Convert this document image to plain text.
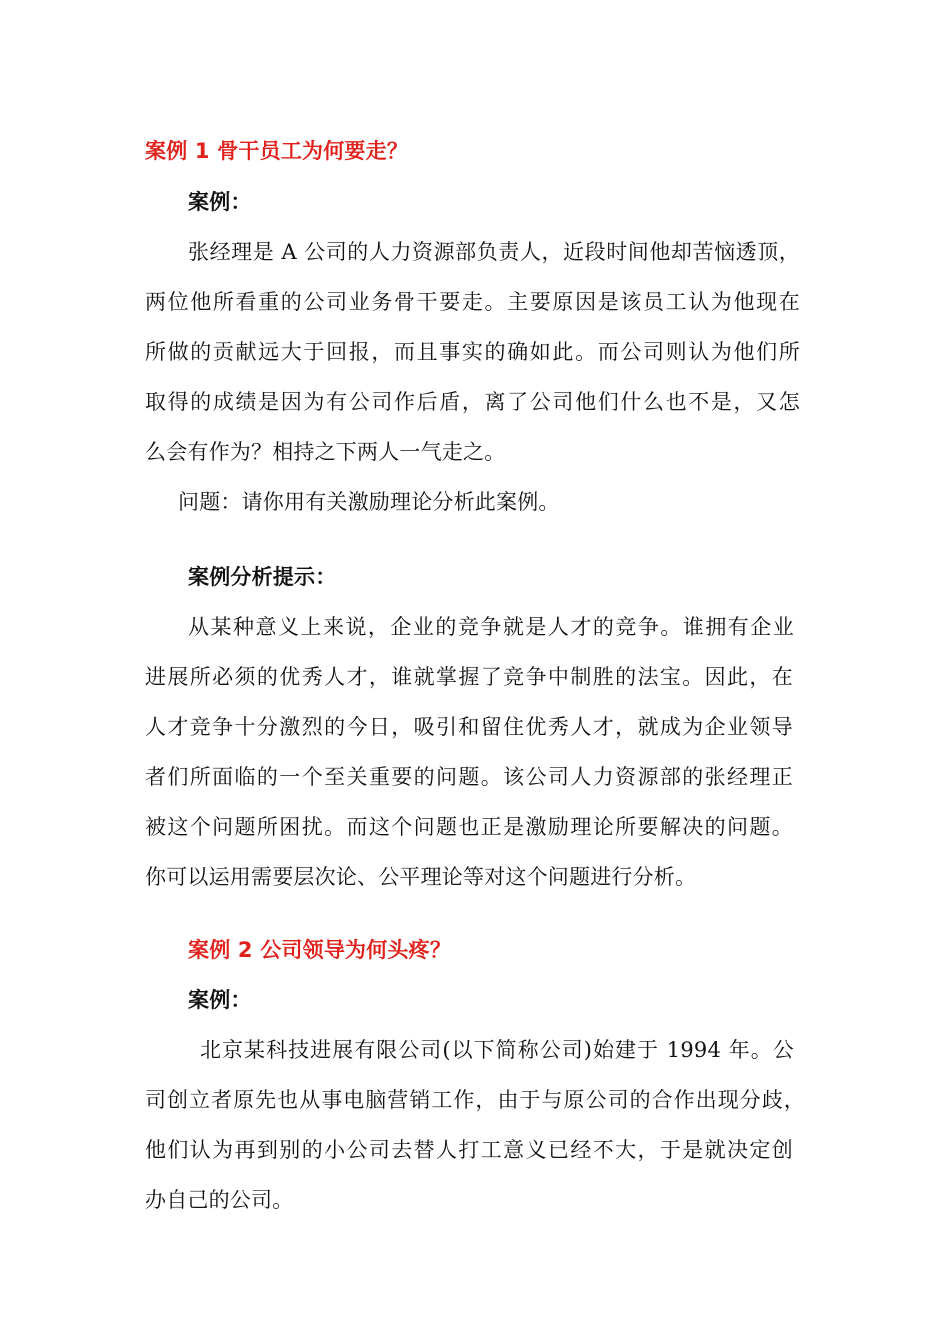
案例 1 骨干员工为何要走？
案例：
张经理是 A 公司的人力资源部负责人，近段时间他却苦恼透顶，
两位他所看重的公司业务骨干要走。主要原因是该员工认为他现在
所做的贡献远大于回报，而且事实的确如此。而公司则认为他们所
取得的成绩是因为有公司作后盾，离了公司他们什么也不是，又怎
么会有作为？相持之下两人一气走之。
问题：请你用有关激励理论分析此案例。
案例分析提示：
从某种意义上来说，企业的竞争就是人才的竞争。谁拥有企业
进展所必须的优秀人才，谁就掌握了竞争中制胜的法宝。因此，在
人才竞争十分激烈的今日，吸引和留住优秀人才，就成为企业领导
者们所面临的一个至关重要的问题。该公司人力资源部的张经理正
被这个问题所困扰。而这个问题也正是激励理论所要解决的问题。
你可以运用需要层次论、公平理论等对这个问题进行分析。
案例 2 公司领导为何头疼？
案例：
北京某科技进展有限公司(以下简称公司)始建于 1994 年。公
司创立者原先也从事电脑营销工作，由于与原公司的合作出现分歧，
他们认为再到别的小公司去替人打工意义已经不大，于是就决定创
办自己的公司。
